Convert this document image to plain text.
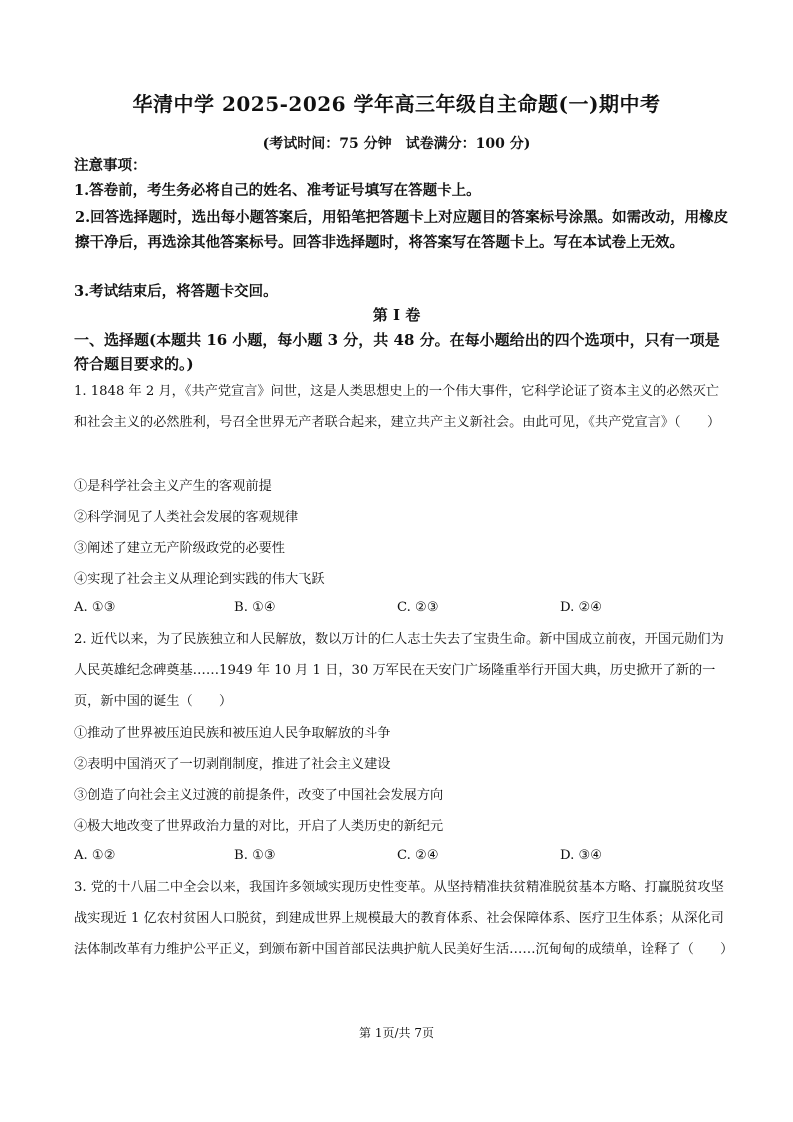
华清中学 2025-2026 学年高三年级自主命题(一)期中考
(考试时间：75 分钟　试卷满分：100 分)
注意事项：
1.答卷前，考生务必将自己的姓名、准考证号填写在答题卡上。
2.回答选择题时，选出每小题答案后，用铅笔把答题卡上对应题目的答案标号涂黑。如需改动，用橡皮擦干净后，再选涂其他答案标号。回答非选择题时，将答案写在答题卡上。写在本试卷上无效。
3.考试结束后，将答题卡交回。
第 I 卷
一、选择题(本题共 16 小题，每小题 3 分，共 48 分。在每小题给出的四个选项中，只有一项是符合题目要求的。)
1. 1848 年 2 月，《共产党宣言》问世，这是人类思想史上的一个伟大事件，它科学论证了资本主义的必然灭亡和社会主义的必然胜利，号召全世界无产者联合起来，建立共产主义新社会。由此可见，《共产党宣言》（　　）
①是科学社会主义产生的客观前提
②科学洞见了人类社会发展的客观规律
③阐述了建立无产阶级政党的必要性
④实现了社会主义从理论到实践的伟大飞跃
A. ①③	B. ①④	C. ②③	D. ②④
2. 近代以来，为了民族独立和人民解放，数以万计的仁人志士失去了宝贵生命。新中国成立前夜，开国元勋们为人民英雄纪念碑奠基……1949 年 10 月 1 日，30 万军民在天安门广场隆重举行开国大典，历史掀开了新的一页，新中国的诞生（　　）
①推动了世界被压迫民族和被压迫人民争取解放的斗争
②表明中国消灭了一切剥削制度，推进了社会主义建设
③创造了向社会主义过渡的前提条件，改变了中国社会发展方向
④极大地改变了世界政治力量的对比，开启了人类历史的新纪元
A. ①②	B. ①③	C. ②④	D. ③④
3. 党的十八届二中全会以来，我国许多领域实现历史性变革。从坚持精准扶贫精准脱贫基本方略、打赢脱贫攻坚战实现近 1 亿农村贫困人口脱贫，到建成世界上规模最大的教育体系、社会保障体系、医疗卫生体系；从深化司法体制改革有力维护公平正义，到颁布新中国首部民法典护航人民美好生活……沉甸甸的成绩单，诠释了（　　）
第 1页/共 7页
